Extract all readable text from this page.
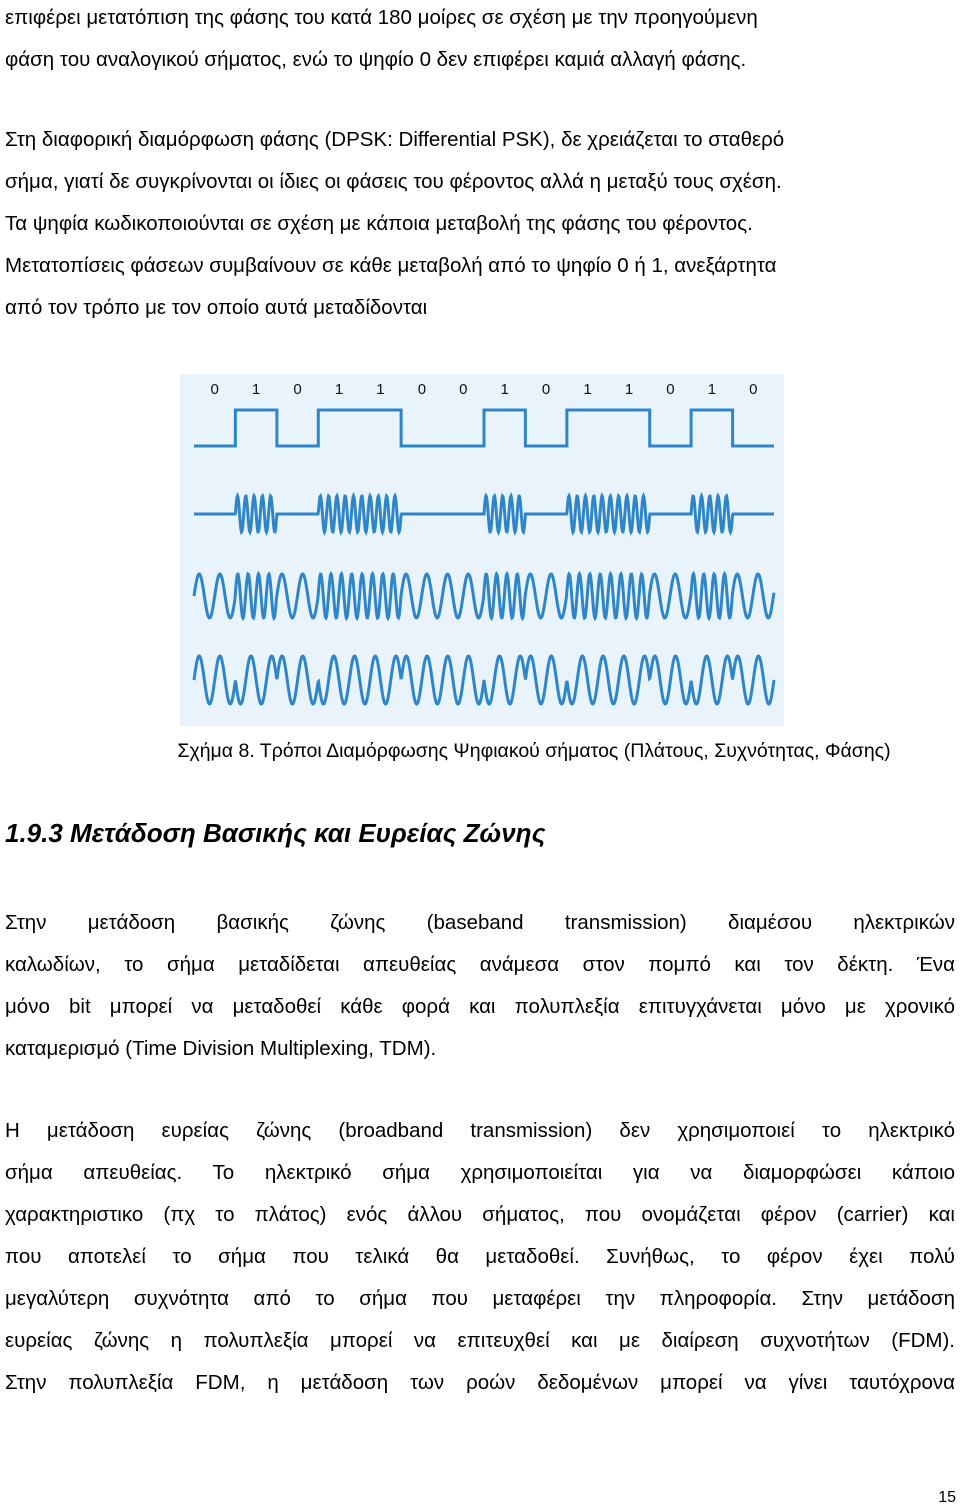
επιφέρει μετατόπιση της φάσης του κατά 180 μοίρες σε σχέση με την προηγούμενη
φάση του αναλογικού σήματος, ενώ το ψηφίο 0 δεν επιφέρει καμιά αλλαγή φάσης.
Στη διαφορική διαμόρφωση φάσης (DPSK: Differential PSK), δε χρειάζεται το σταθερό
σήμα, γιατί δε συγκρίνονται οι ίδιες οι φάσεις του φέροντος αλλά η μεταξύ τους σχέση.
Τα ψηφία κωδικοποιούνται σε σχέση με κάποια μεταβολή της φάσης του φέροντος.
Μετατοπίσεις φάσεων συμβαίνουν σε κάθε μεταβολή από το ψηφίο 0 ή 1, ανεξάρτητα
από τον τρόπο με τον οποίο αυτά μεταδίδονται
0 1 0 1 1 0 0 1 0 1 1 0 1 0
Σχήμα 8. Τρόποι Διαμόρφωσης Ψηφιακού σήματος (Πλάτους, Συχνότητας, Φάσης)
1.9.3 Μετάδοση Βασικής και Ευρείας Ζώνης
Στην μετάδοση βασικής ζώνης (baseband transmission) διαμέσου ηλεκτρικών
καλωδίων, το σήμα μεταδίδεται απευθείας ανάμεσα στον πομπό και τον δέκτη. Ένα
μόνο bit μπορεί να μεταδοθεί κάθε φορά και πολυπλεξία επιτυγχάνεται μόνο με χρονικό
καταμερισμό (Time Division Multiplexing, TDM).
Η μετάδοση ευρείας ζώνης (broadband transmission) δεν χρησιμοποιεί το ηλεκτρικό
σήμα απευθείας. Το ηλεκτρικό σήμα χρησιμοποιείται για να διαμορφώσει κάποιο
χαρακτηριστικο (πχ το πλάτος) ενός άλλου σήματος, που ονομάζεται φέρον (carrier) και
που αποτελεί το σήμα που τελικά θα μεταδοθεί. Συνήθως, το φέρον έχει πολύ
μεγαλύτερη συχνότητα από το σήμα που μεταφέρει την πληροφορία. Στην μετάδοση
ευρείας ζώνης η πολυπλεξία μπορεί να επιτευχθεί και με διαίρεση συχνοτήτων (FDM).
Στην πολυπλεξία FDM, η μετάδοση των ροών δεδομένων μπορεί να γίνει ταυτόχρονα
15
